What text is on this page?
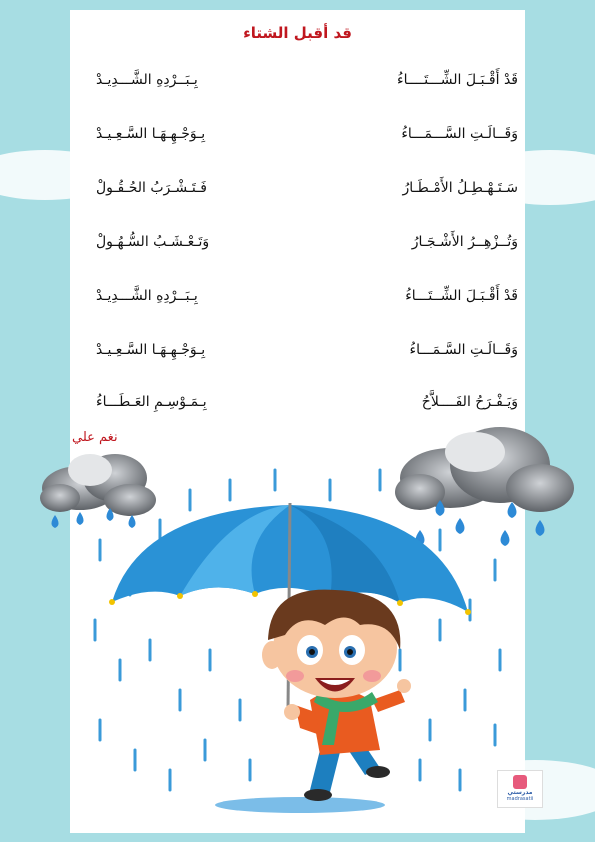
قد أقبل الشتاء
قَدْ أَقْـبَـلَ الشِّـــتَــــاءُ
بِـبَــرْدِهِ الشَّـــدِيـدْ
وَقَــالَـتِ السَّـــمَـــاءُ
بِـوَجْـهِـهَـا السَّـعِـيـدْ
سَـتَـهْـطِـلُ الأَمْـطَـارُ
فَـتَـشْـرَبُ الحُـقُـولْ
وَتُــزْهِــرُ الأَشْـجَـارُ
وَتَـعْـشَـبُ السُّـهُـولْ
قَدْ أَقْـبَـلَ الشِّــتَـــاءُ
بِـبَــرْدِهِ الشَّـــدِيـدْ
وَقَــالَـتِ السَّـمَـــاءُ
بِـوَجْـهِـهَـا السَّـعِـيـدْ
وَيَـفْـرَحُ الفَــــلاَّحُ
بِـمَـوْسِـمِ العَـطَـــاءُ
نغم علي
مدرستي
madrasatii
